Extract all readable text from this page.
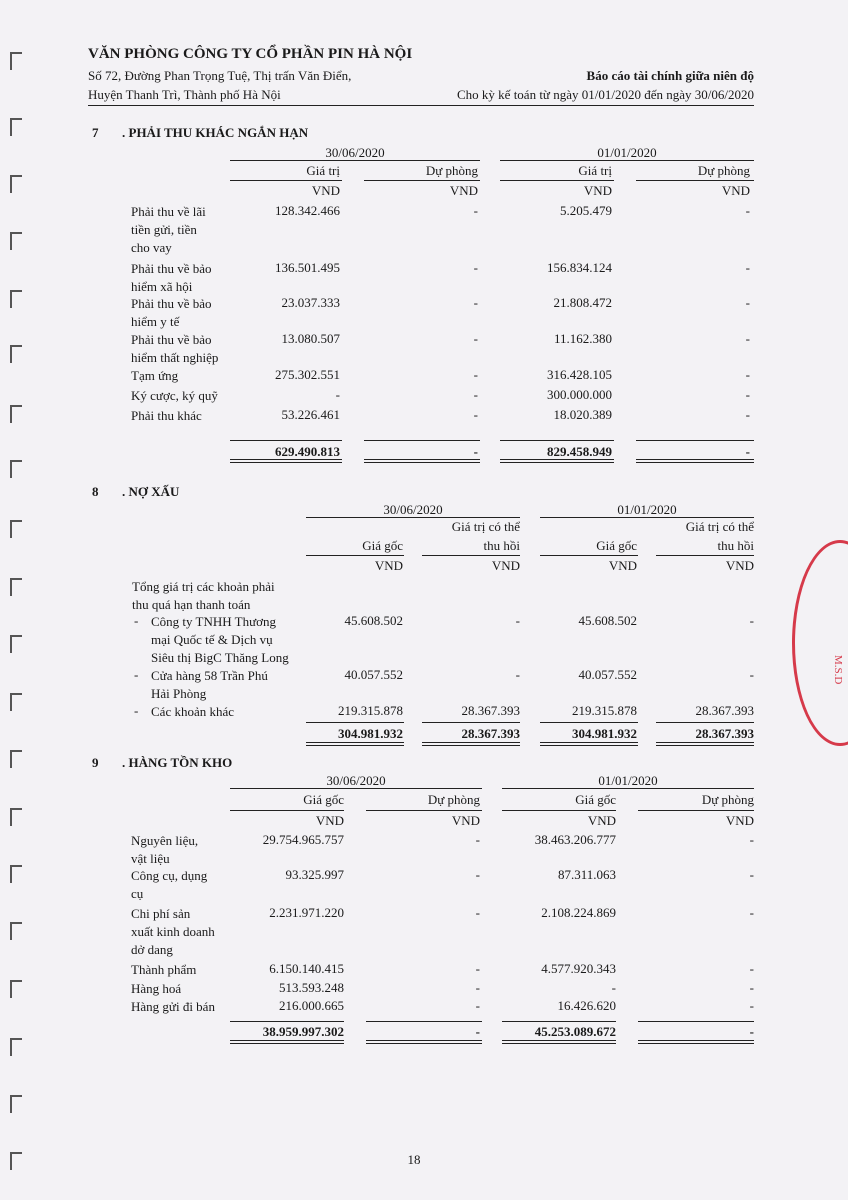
M.S.D
VĂN PHÒNG CÔNG TY CỔ PHẦN PIN HÀ NỘI
Số 72, Đường Phan Trọng Tuệ, Thị trấn Văn Điển,
Huyện Thanh Trì, Thành phố Hà Nội
Báo cáo tài chính giữa niên độ
Cho kỳ kế toán từ ngày 01/01/2020 đến ngày 30/06/2020
7 . PHẢI THU KHÁC NGẮN HẠN
30/06/2020	01/01/2020
Giá trị	Dự phòng	Giá trị	Dự phòng
VND	VND	VND	VND
Phải thu về lãi
tiền gửi, tiền
cho vay
128.342.466	-	5.205.479	-
Phải thu về bảo
hiểm xã hội
136.501.495	-	156.834.124	-
Phải thu về bảo
hiểm y tế
23.037.333	-	21.808.472	-
Phải thu về bảo
hiểm thất nghiệp
13.080.507	-	11.162.380	-
Tạm ứng	275.302.551	-	316.428.105	-
Ký cược, ký quỹ	-	-	300.000.000	-
Phải thu khác	53.226.461	-	18.020.389	-
629.490.813	-	829.458.949	-
8 . NỢ XẤU
30/06/2020	01/01/2020
Giá gốc
Giá trị có thể
thu hồi	Giá gốc
Giá trị có thể
thu hồi
VND	VND	VND	VND
Tổng giá trị các khoản phải
thu quá hạn thanh toán
- Công ty TNHH Thương
mại Quốc tế & Dịch vụ
Siêu thị BigC Thăng Long
45.608.502	-	45.608.502	-
- Cửa hàng 58 Trần Phú
Hải Phòng
40.057.552	-	40.057.552	-
- Các khoản khác	219.315.878	28.367.393	219.315.878	28.367.393
304.981.932	28.367.393	304.981.932	28.367.393
9 . HÀNG TỒN KHO
30/06/2020	01/01/2020
Giá gốc	Dự phòng	Giá gốc	Dự phòng
VND	VND	VND	VND
Nguyên liệu,
vật liệu
29.754.965.757	-	38.463.206.777	-
Công cụ, dụng
cụ
93.325.997	-	87.311.063	-
Chi phí sản
xuất kinh doanh
dở dang
2.231.971.220	-	2.108.224.869	-
Thành phẩm	6.150.140.415	-	4.577.920.343	-
Hàng hoá	513.593.248	-	-	-
Hàng gửi đi bán	216.000.665	-	16.426.620	-
38.959.997.302	-	45.253.089.672	-
18
